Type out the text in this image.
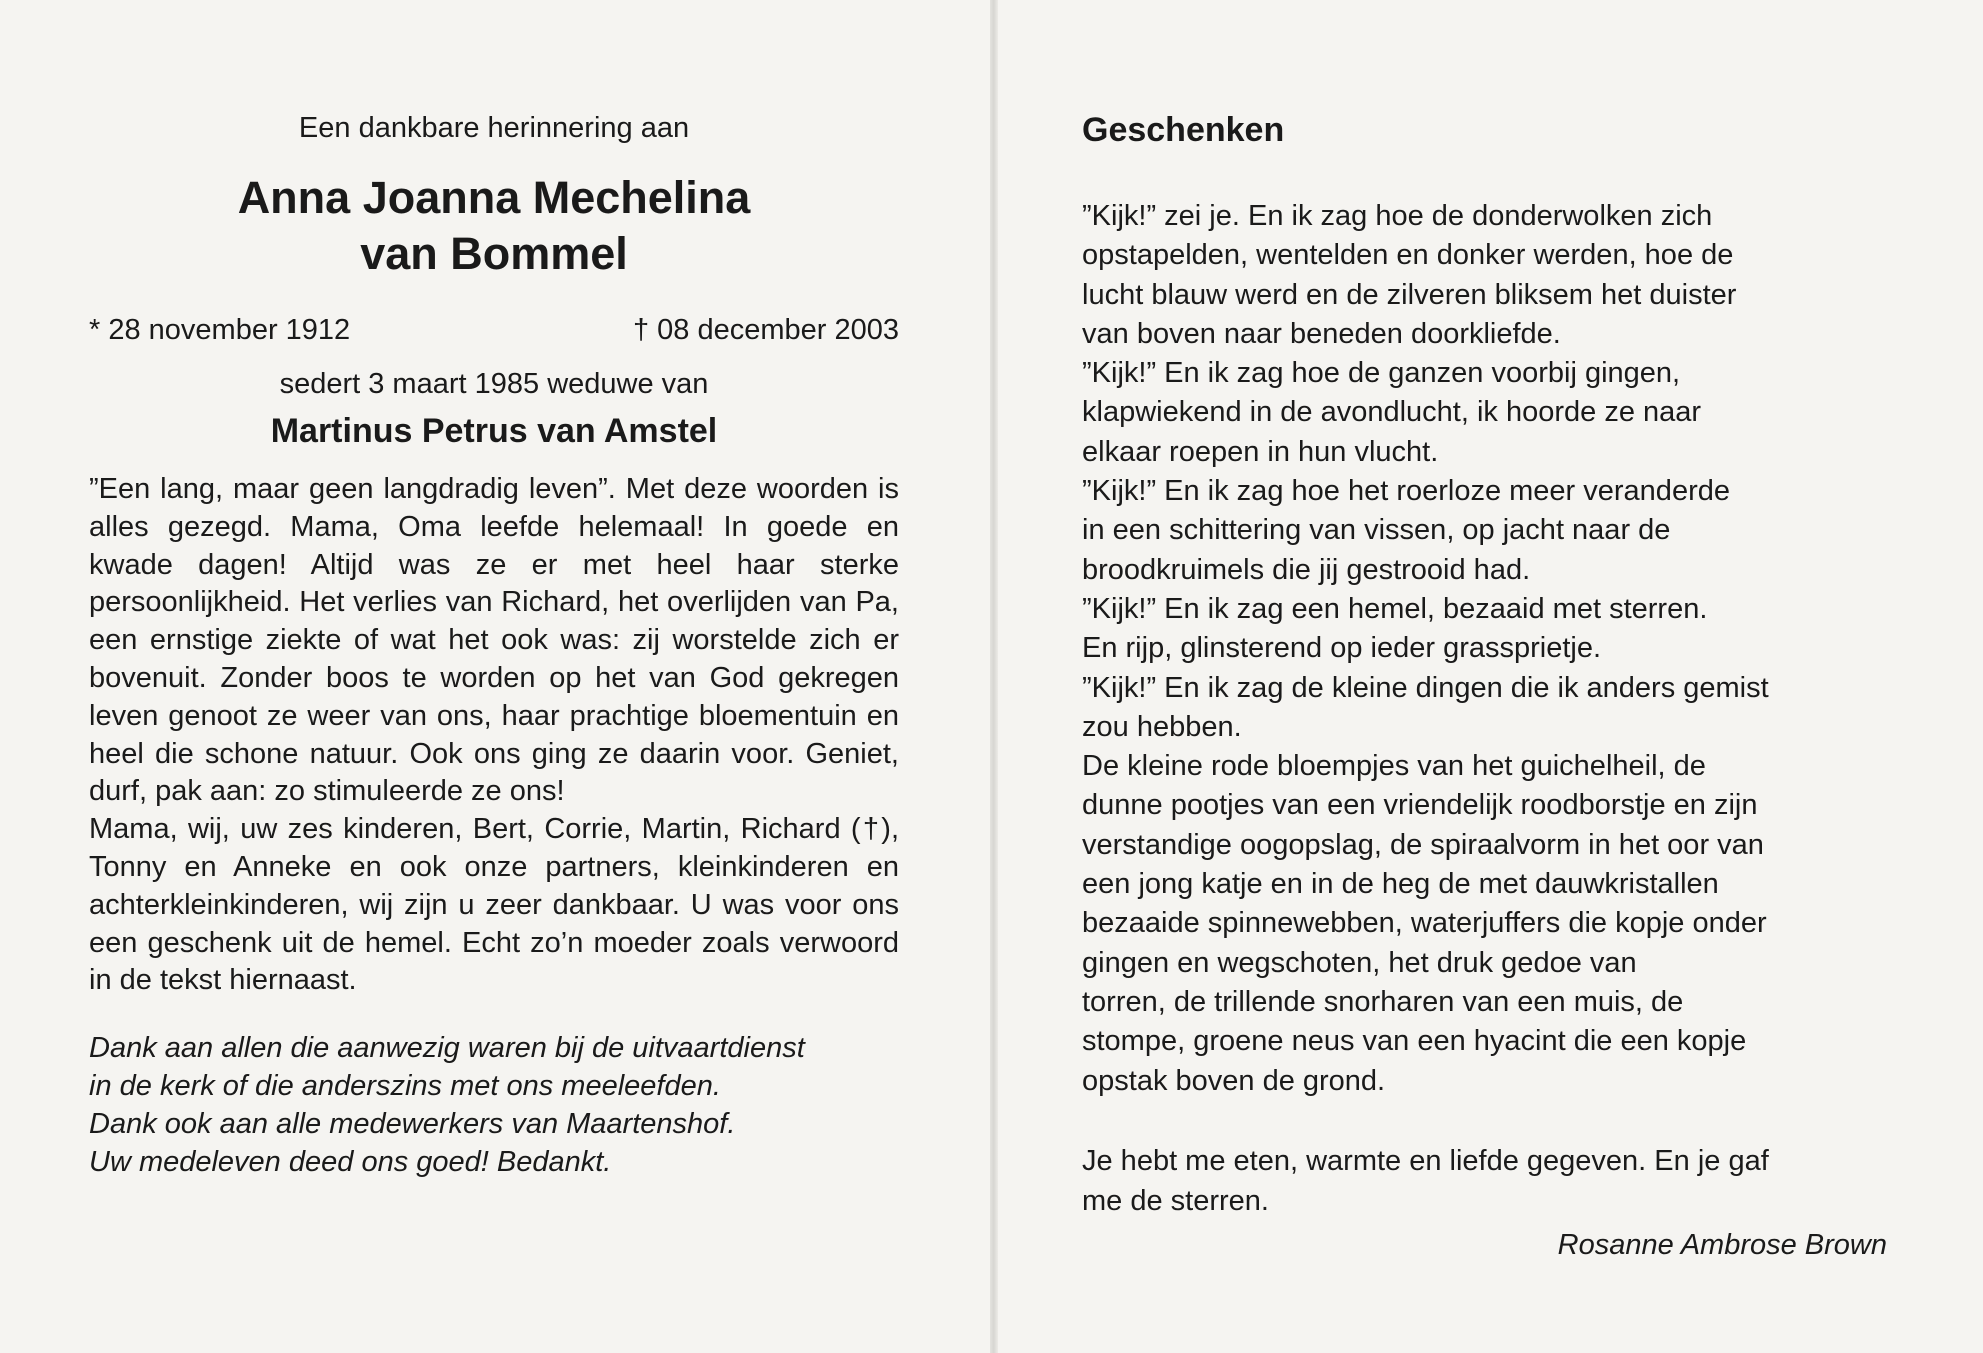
Een dankbare herinnering aan

Anna Joanna Mechelina
van Bommel
* 28 november 1912	† 08 december 2003
sedert 3 maart 1985 weduwe van
Martinus Petrus van Amstel

”Een lang, maar geen langdradig leven”. Met deze woorden is alles gezegd. Mama, Oma leefde helemaal! In goede en kwade dagen! Altijd was ze er met heel haar sterke persoonlijkheid. Het verlies van Richard, het overlijden van Pa, een ernstige ziekte of wat het ook was: zij worstelde zich er bovenuit. Zonder boos te worden op het van God gekregen leven genoot ze weer van ons, haar prachtige bloementuin en heel die schone natuur. Ook ons ging ze daarin voor. Geniet, durf, pak aan: zo stimuleerde ze ons!

Mama, wij, uw zes kinderen, Bert, Corrie, Martin, Richard (†), Tonny en Anneke en ook onze partners, kleinkinderen en achterkleinkinderen, wij zijn u zeer dankbaar. U was voor ons een geschenk uit de hemel. Echt zo’n moeder zoals verwoord in de tekst hiernaast.

Dank aan allen die aanwezig waren bij de uitvaartdienst
in de kerk of die anderszins met ons meeleefden.
Dank ook aan alle medewerkers van Maartenshof.
Uw medeleven deed ons goed! Bedankt.
Geschenken
”Kijk!” zei je. En ik zag hoe de donderwolken zich
opstapelden, wentelden en donker werden, hoe de
lucht blauw werd en de zilveren bliksem het duister
van boven naar beneden doorkliefde.
”Kijk!” En ik zag hoe de ganzen voorbij gingen,
klapwiekend in de avondlucht, ik hoorde ze naar
elkaar roepen in hun vlucht.
”Kijk!” En ik zag hoe het roerloze meer veranderde
in een schittering van vissen, op jacht naar de
broodkruimels die jij gestrooid had.
”Kijk!” En ik zag een hemel, bezaaid met sterren.
En rijp, glinsterend op ieder grassprietje.
”Kijk!” En ik zag de kleine dingen die ik anders gemist
zou hebben.
De kleine rode bloempjes van het guichelheil, de
dunne pootjes van een vriendelijk roodborstje en zijn
verstandige oogopslag, de spiraalvorm in het oor van
een jong katje en in de heg de met dauwkristallen
bezaaide spinnewebben, waterjuffers die kopje onder
gingen en wegschoten, het druk gedoe van
torren, de trillende snorharen van een muis, de
stompe, groene neus van een hyacint die een kopje
opstak boven de grond.
Je hebt me eten, warmte en liefde gegeven. En je gaf
me de sterren.
Rosanne Ambrose Brown
